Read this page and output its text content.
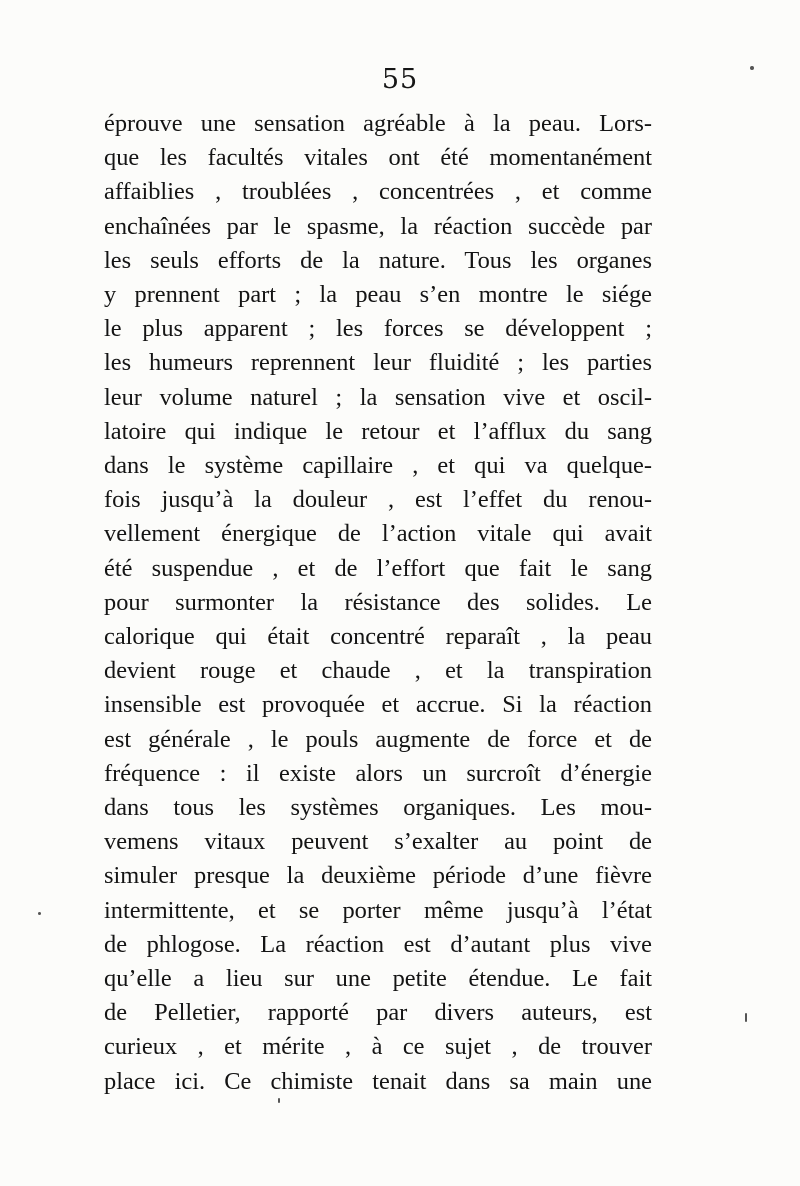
55
éprouve une sensation agréable à la peau. Lors-
que les facultés vitales ont été momentanément
affaiblies , troublées , concentrées , et comme
enchaînées par le spasme, la réaction succède par
les seuls efforts de la nature. Tous les organes
y prennent part ; la peau s’en montre le siége
le plus apparent ; les forces se développent ;
les humeurs reprennent leur fluidité ; les parties
leur volume naturel ; la sensation vive et oscil-
latoire qui indique le retour et l’afflux du sang
dans le système capillaire , et qui va quelque-
fois jusqu’à la douleur , est l’effet du renou-
vellement énergique de l’action vitale qui avait
été suspendue , et de l’effort que fait le sang
pour surmonter la résistance des solides. Le
calorique qui était concentré reparaît , la peau
devient rouge et chaude , et la transpiration
insensible est provoquée et accrue. Si la réaction
est générale , le pouls augmente de force et de
fréquence : il existe alors un surcroît d’énergie
dans tous les systèmes organiques. Les mou-
vemens vitaux peuvent s’exalter au point de
simuler presque la deuxième période d’une fièvre
intermittente, et se porter même jusqu’à l’état
de phlogose. La réaction est d’autant plus vive
qu’elle a lieu sur une petite étendue. Le fait
de Pelletier, rapporté par divers auteurs, est
curieux , et mérite , à ce sujet , de trouver
place ici. Ce chimiste tenait dans sa main une
